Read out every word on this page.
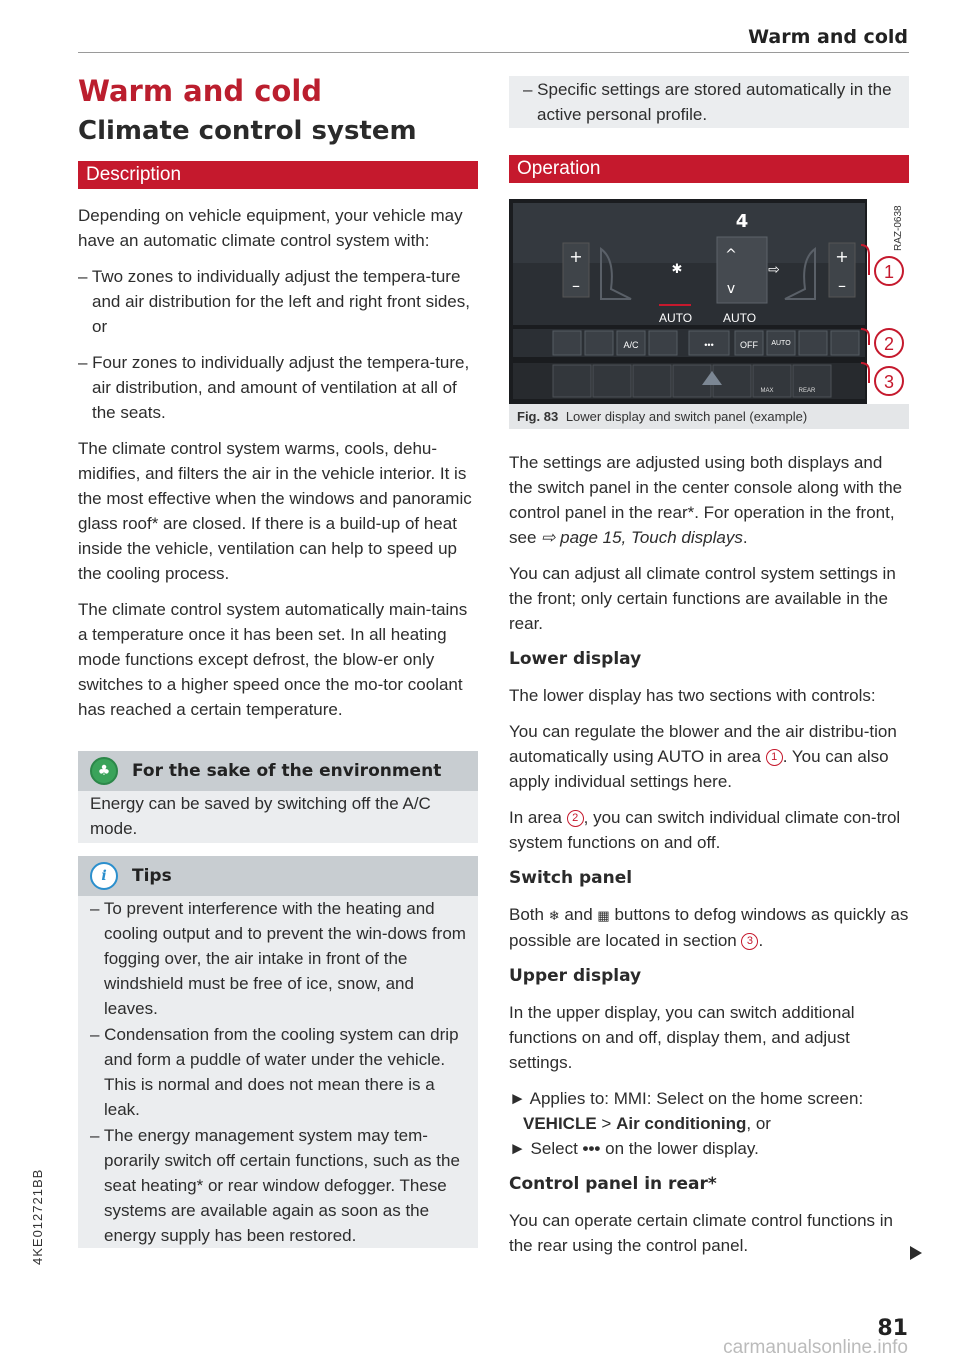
Warm and cold
4KE012721BB
Warm and cold
Climate control system
Description

Depending on vehicle equipment, your vehicle may have an automatic climate control system with:

– Two zones to individually adjust the tempera-ture and air distribution for the left and right front sides, or

– Four zones to individually adjust the tempera-ture, air distribution, and amount of ventilation at all of the seats.

The climate control system warms, cools, dehu-midifies, and filters the air in the vehicle interior. It is the most effective when the windows and panoramic glass roof* are closed. If there is a build-up of heat inside the vehicle, ventilation can help to speed up the cooling process.

The climate control system automatically main-tains a temperature once it has been set. In all heating mode functions except defrost, the blow-er only switches to a higher speed once the mo-tor coolant has reached a certain temperature.

♣	For the sake of the environment
Energy can be saved by switching off the A/C mode.
i	Tips

– To prevent interference with the heating and cooling output and to prevent the win-dows from fogging over, the air intake in front of the windshield must be free of ice, snow, and leaves.

– Condensation from the cooling system can drip and form a puddle of water under the vehicle. This is normal and does not mean there is a leak.

– The energy management system may tem-porarily switch off certain functions, such as the seat heating* or rear window defogger. These systems are available again as soon as the energy supply has been restored.

– Specific settings are stored automatically in the active personal profile.

Operation
+
–
+
–
4
^
v
⇨
✱
AUTO	AUTO
A/C	•••	OFF AUTO
MAX	REAR
RAZ-0638
1
2
3
Fig. 83 Lower display and switch panel (example)

The settings are adjusted using both displays and the switch panel in the center console along with the control panel in the rear*. For operation in the front, see ⇨ page 15, Touch displays.

You can adjust all climate control system settings in the front; only certain functions are available in the rear.

Lower display

The lower display has two sections with controls:

You can regulate the blower and the air distribu-tion automatically using AUTO in area 1 . You can also apply individual settings here.

In area 2 , you can switch individual climate con-trol system functions on and off.

Switch panel

Both ❄ and ▦ buttons to defog windows as quickly as possible are located in section 3 .

Upper display

In the upper display, you can switch additional functions on and off, display them, and adjust settings.

► Applies to: MMI: Select on the home screen: VEHICLE > Air conditioning, or

► Select ••• on the lower display.

Control panel in rear*

You can operate certain climate control functions in the rear using the control panel.

81
carmanualsonline.info
